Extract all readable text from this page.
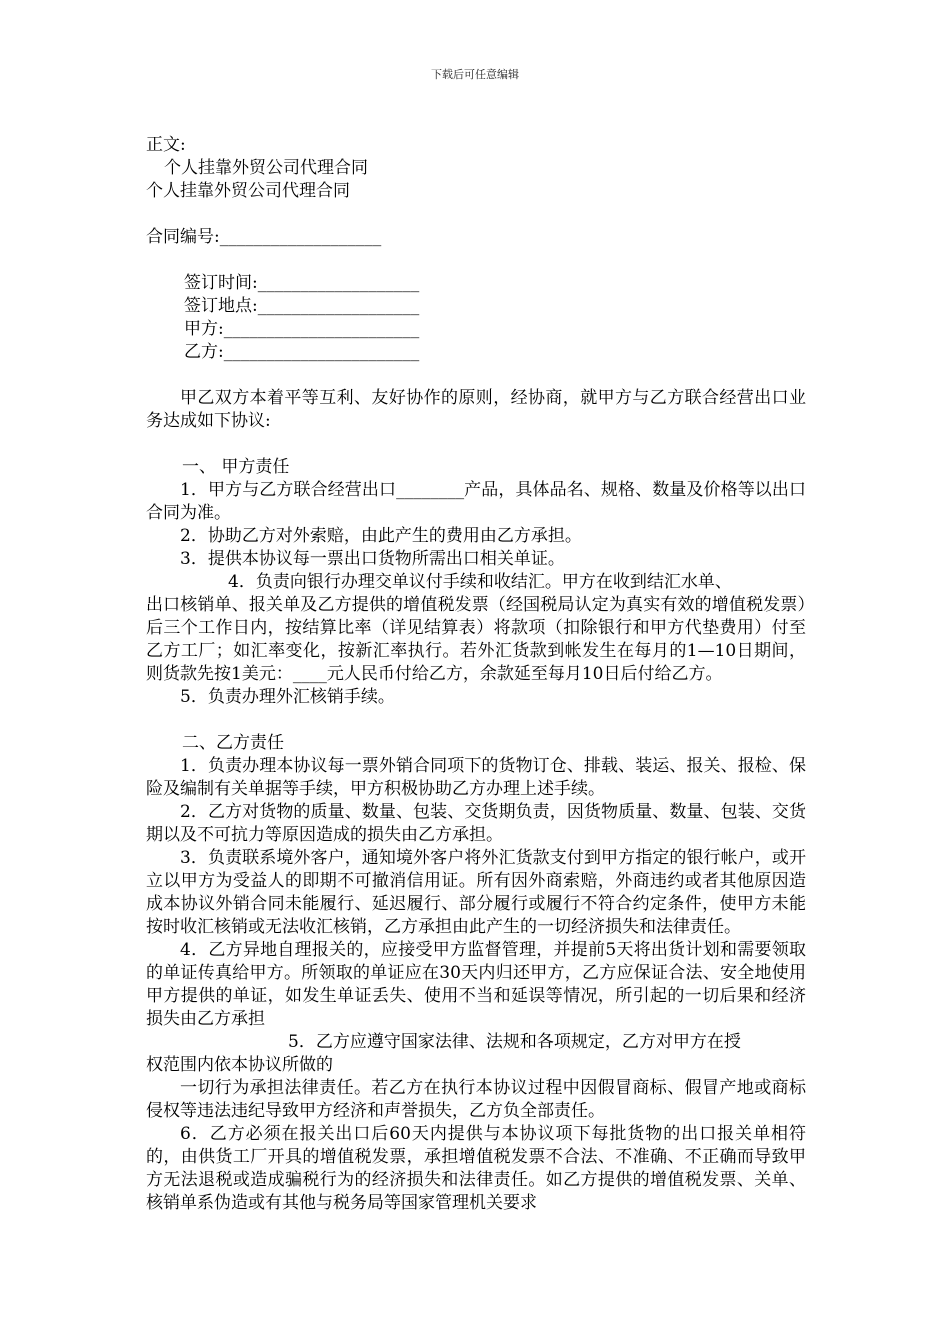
下载后可任意编辑
正文:
个人挂靠外贸公司代理合同
个人挂靠外贸公司代理合同
合同编号:___________________
签订时间:___________________
签订地点:___________________
甲方:_______________________
乙方:_______________________
甲乙双方本着平等互利、友好协作的原则，经协商，就甲方与乙方联合经营出口业务达成如下协议:
一、 甲方责任
1．甲方与乙方联合经营出口________产品，具体品名、规格、数量及价格等以出口合同为准。
2．协助乙方对外索赔，由此产生的费用由乙方承担。
3．提供本协议每一票出口货物所需出口相关单证。
4．负责向银行办理交单议付手续和收结汇。甲方在收到结汇水单、
出口核销单、报关单及乙方提供的增值税发票（经国税局认定为真实有效的增值税发票）后三个工作日内，按结算比率（详见结算表）将款项（扣除银行和甲方代垫费用）付至乙方工厂；如汇率变化，按新汇率执行。若外汇货款到帐发生在每月的1—10日期间，则货款先按1美元：____元人民币付给乙方，余款延至每月10日后付给乙方。
5．负责办理外汇核销手续。
二、乙方责任
1．负责办理本协议每一票外销合同项下的货物订仓、排载、装运、报关、报检、保险及编制有关单据等手续，甲方积极协助乙方办理上述手续。
2．乙方对货物的质量、数量、包装、交货期负责，因货物质量、数量、包装、交货期以及不可抗力等原因造成的损失由乙方承担。
3．负责联系境外客户，通知境外客户将外汇货款支付到甲方指定的银行帐户，或开立以甲方为受益人的即期不可撤消信用证。所有因外商索赔，外商违约或者其他原因造成本协议外销合同未能履行、延迟履行、部分履行或履行不符合约定条件，使甲方未能按时收汇核销或无法收汇核销，乙方承担由此产生的一切经济损失和法律责任。
4．乙方异地自理报关的，应接受甲方监督管理，并提前5天将出货计划和需要领取的单证传真给甲方。所领取的单证应在30天内归还甲方，乙方应保证合法、安全地使用甲方提供的单证，如发生单证丢失、使用不当和延误等情况，所引起的一切后果和经济损失由乙方承担
5．乙方应遵守国家法律、法规和各项规定，乙方对甲方在授
权范围内依本协议所做的
一切行为承担法律责任。若乙方在执行本协议过程中因假冒商标、假冒产地或商标侵权等违法违纪导致甲方经济和声誉损失，乙方负全部责任。
6．乙方必须在报关出口后60天内提供与本协议项下每批货物的出口报关单相符的，由供货工厂开具的增值税发票，承担增值税发票不合法、不准确、不正确而导致甲方无法退税或造成骗税行为的经济损失和法律责任。如乙方提供的增值税发票、关单、核销单系伪造或有其他与税务局等国家管理机关要求
